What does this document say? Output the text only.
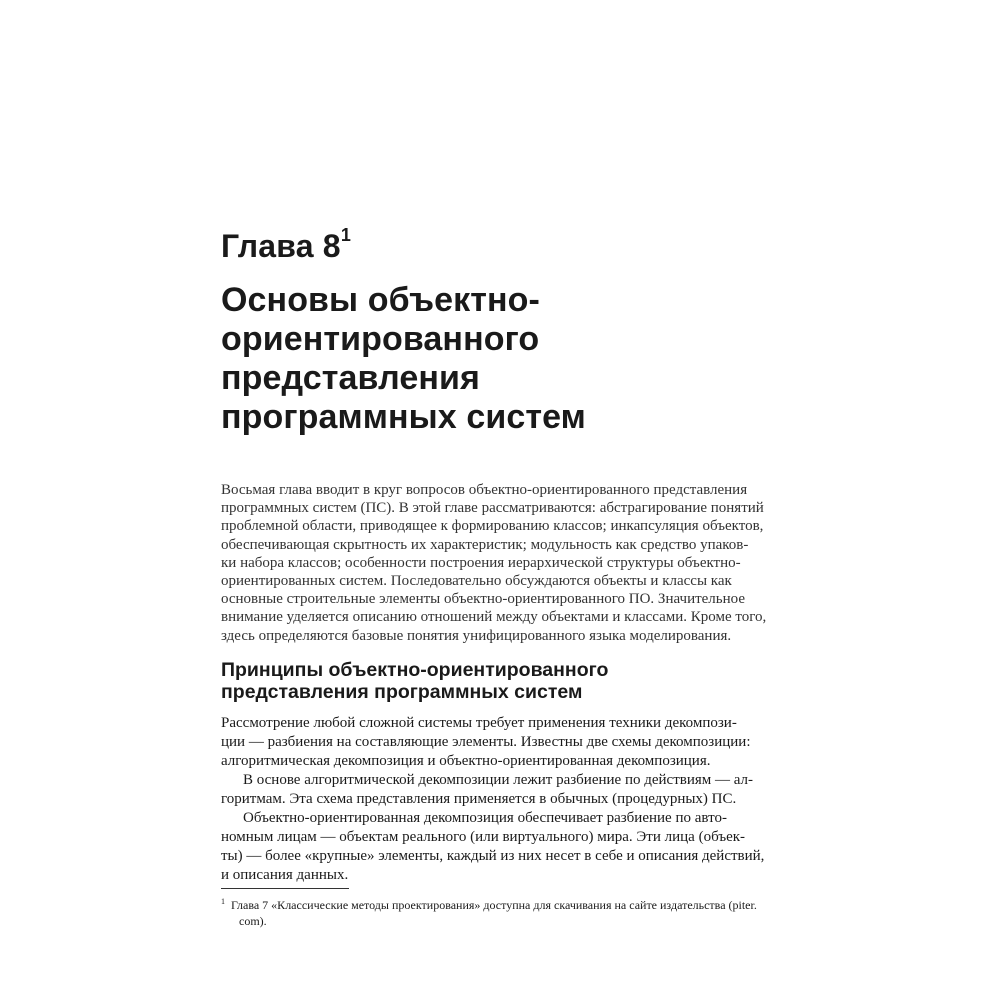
Глава $8^1$
Основы объектно-
ориентированного
представления
программных систем
Восьмая глава вводит в круг вопросов объектно-ориентированного представления
программных систем (ПС). В этой главе рассматриваются: абстрагирование понятий
проблемной области, приводящее к формированию классов; инкапсуляция объектов,
обеспечивающая скрытность их характеристик; модульность как средство упаков-
ки набора классов; особенности построения иерархической структуры объектно-
ориентированных систем. Последовательно обсуждаются объекты и классы как
основные строительные элементы объектно-ориентированного ПО. Значительное
внимание уделяется описанию отношений между объектами и классами. Кроме того,
здесь определяются базовые понятия унифицированного языка моделирования.
Принципы объектно-ориентированного
представления программных систем
Рассмотрение любой сложной системы требует применения техники декомпози-
ции — разбиения на составляющие элементы. Известны две схемы декомпозиции:
алгоритмическая декомпозиция и объектно-ориентированная декомпозиция.
В основе алгоритмической декомпозиции лежит разбиение по действиям — ал-
горитмам. Эта схема представления применяется в обычных (процедурных) ПС.
Объектно-ориентированная декомпозиция обеспечивает разбиение по авто-
номным лицам — объектам реального (или виртуального) мира. Эти лица (объек-
ты) — более «крупные» элементы, каждый из них несет в себе и описания действий,
и описания данных.
$^1$ Глава 7 «Классические методы проектирования» доступна для скачивания на сайте издательства (piter.
com).
